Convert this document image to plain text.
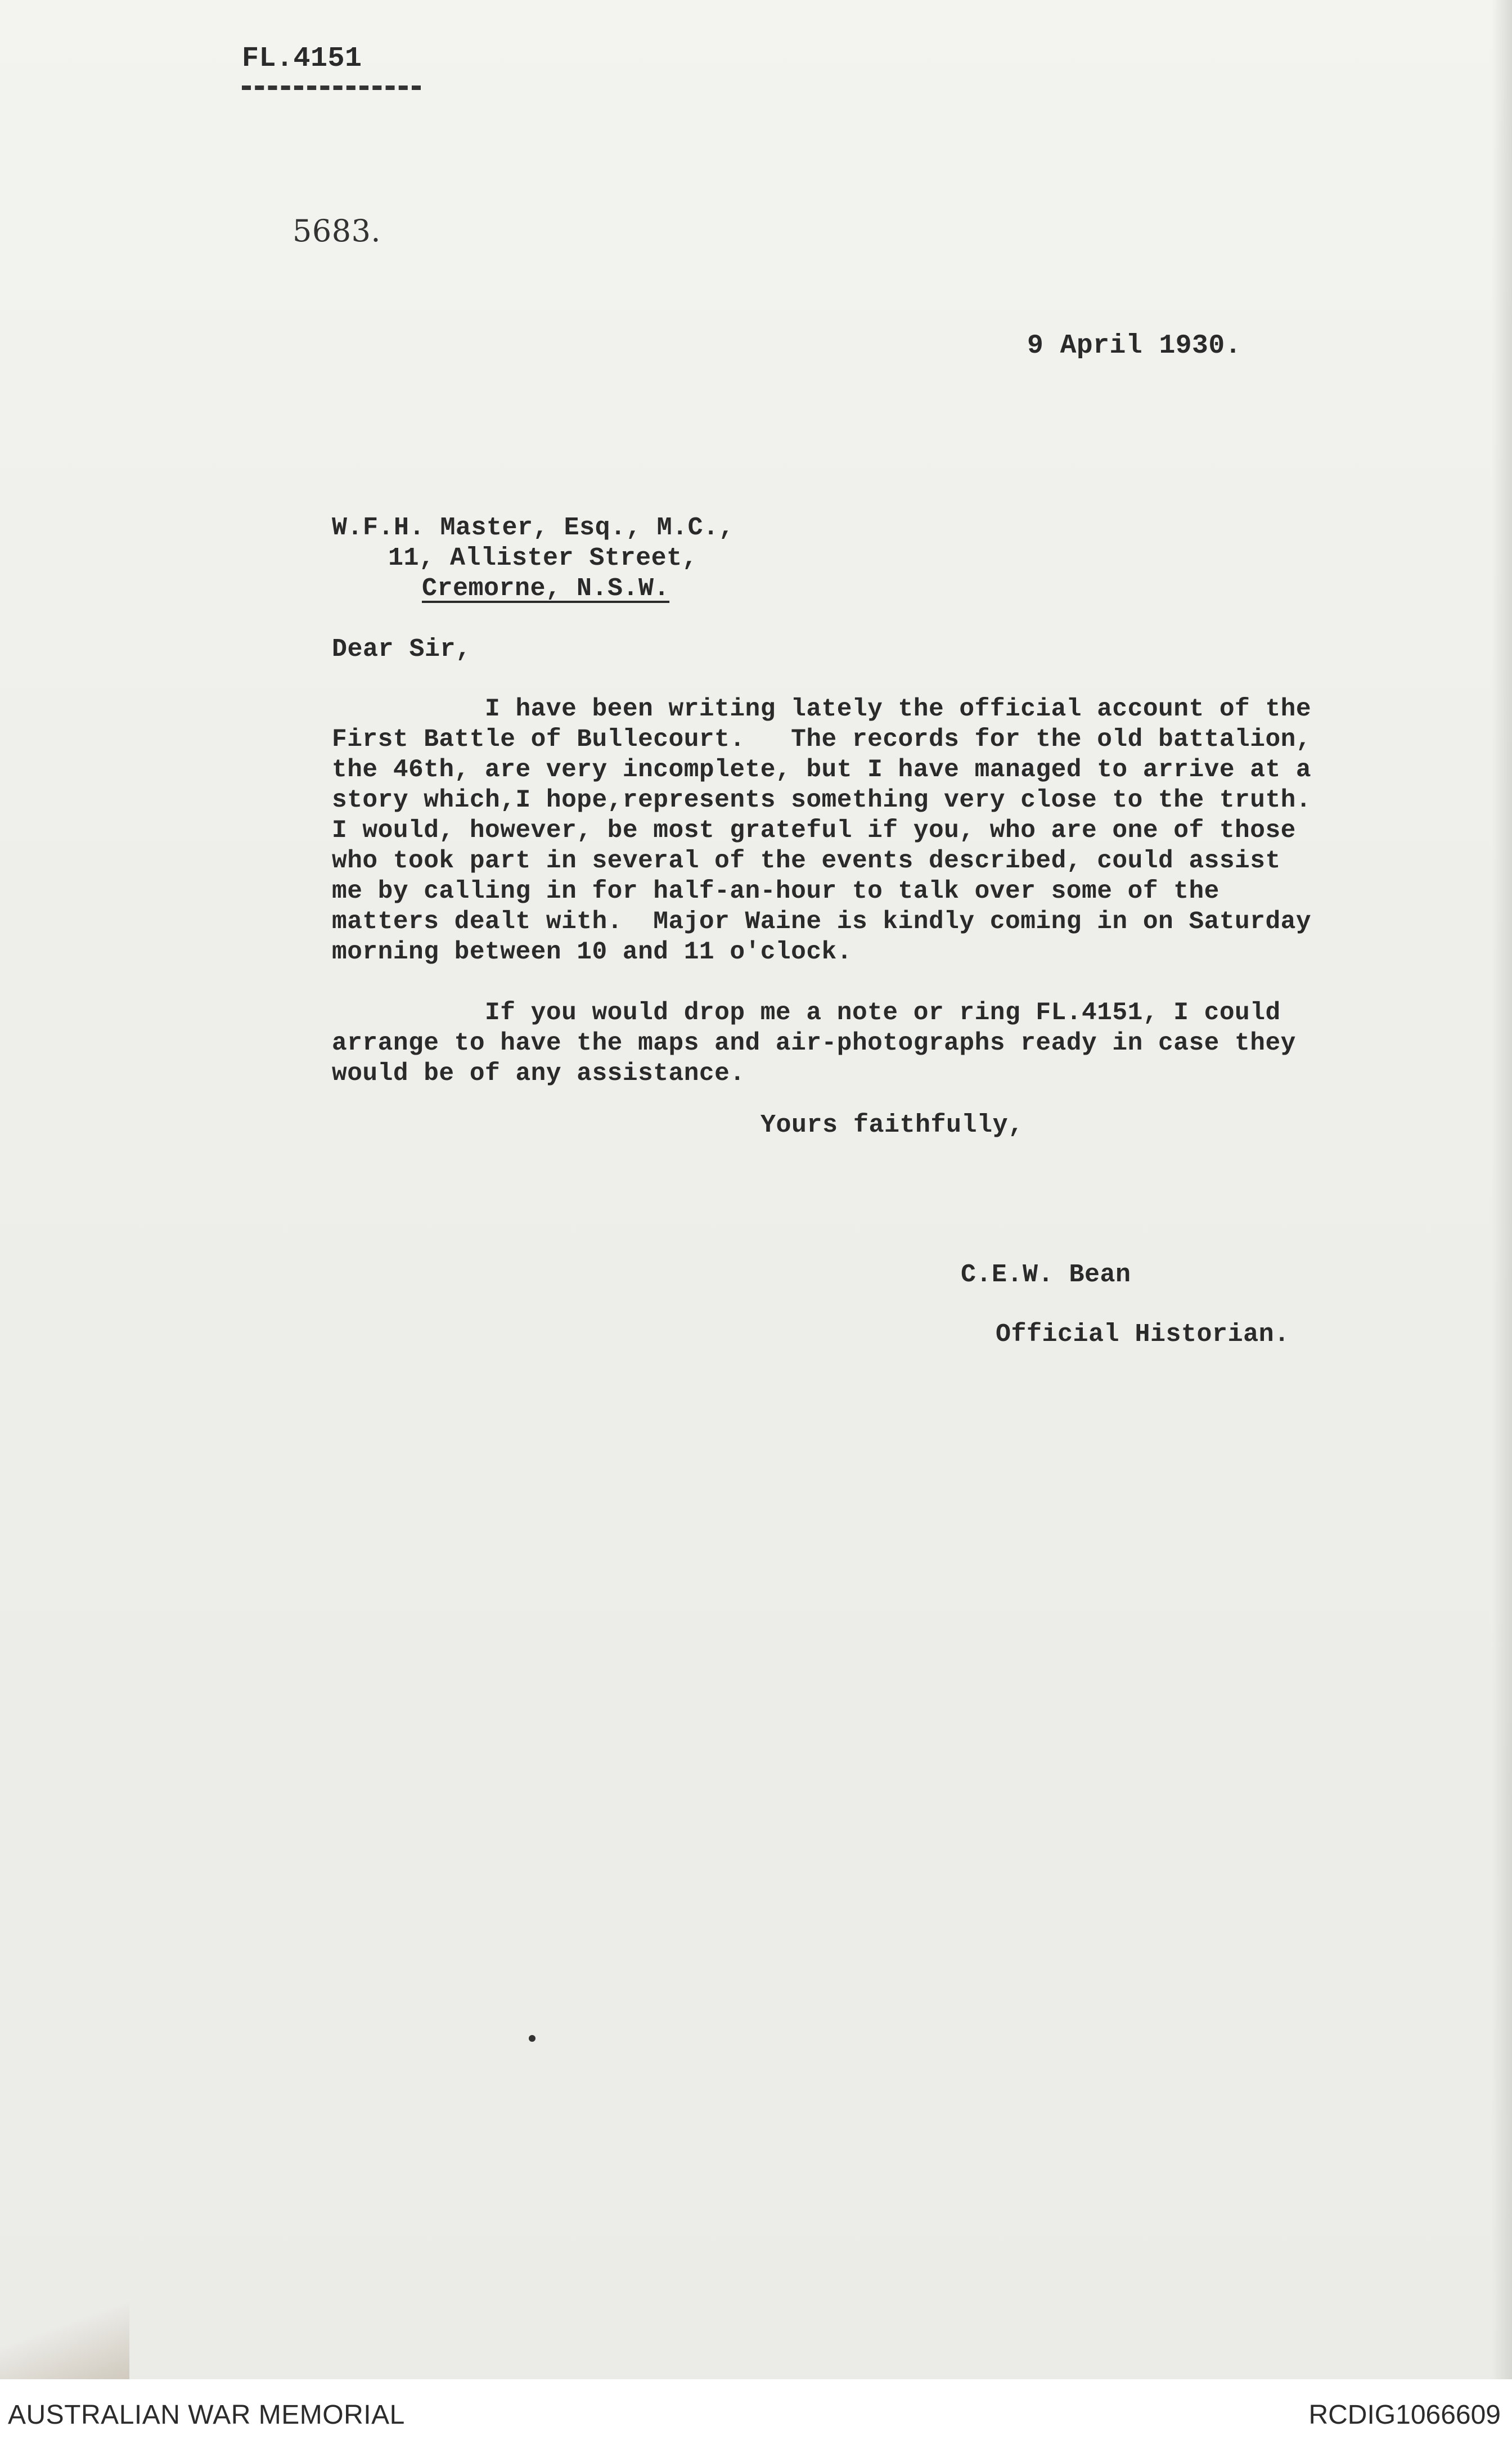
FL.4151
5683.
9 April 1930.
W.F.H. Master, Esq., M.C.,
11, Allister Street,
Cremorne, N.S.W.
Dear Sir,
I have been writing lately the official account of the
First Battle of Bullecourt.   The records for the old battalion,
the 46th, are very incomplete, but I have managed to arrive at a
story which,I hope,represents something very close to the truth.
I would, however, be most grateful if you, who are one of those
who took part in several of the events described, could assist
me by calling in for half-an-hour to talk over some of the
matters dealt with.  Major Waine is kindly coming in on Saturday
morning between 10 and 11 o'clock.
If you would drop me a note or ring FL.4151, I could
arrange to have the maps and air-photographs ready in case they
would be of any assistance.
Yours faithfully,
C.E.W. Bean
Official Historian.
AUSTRALIAN WAR MEMORIAL	RCDIG1066609
